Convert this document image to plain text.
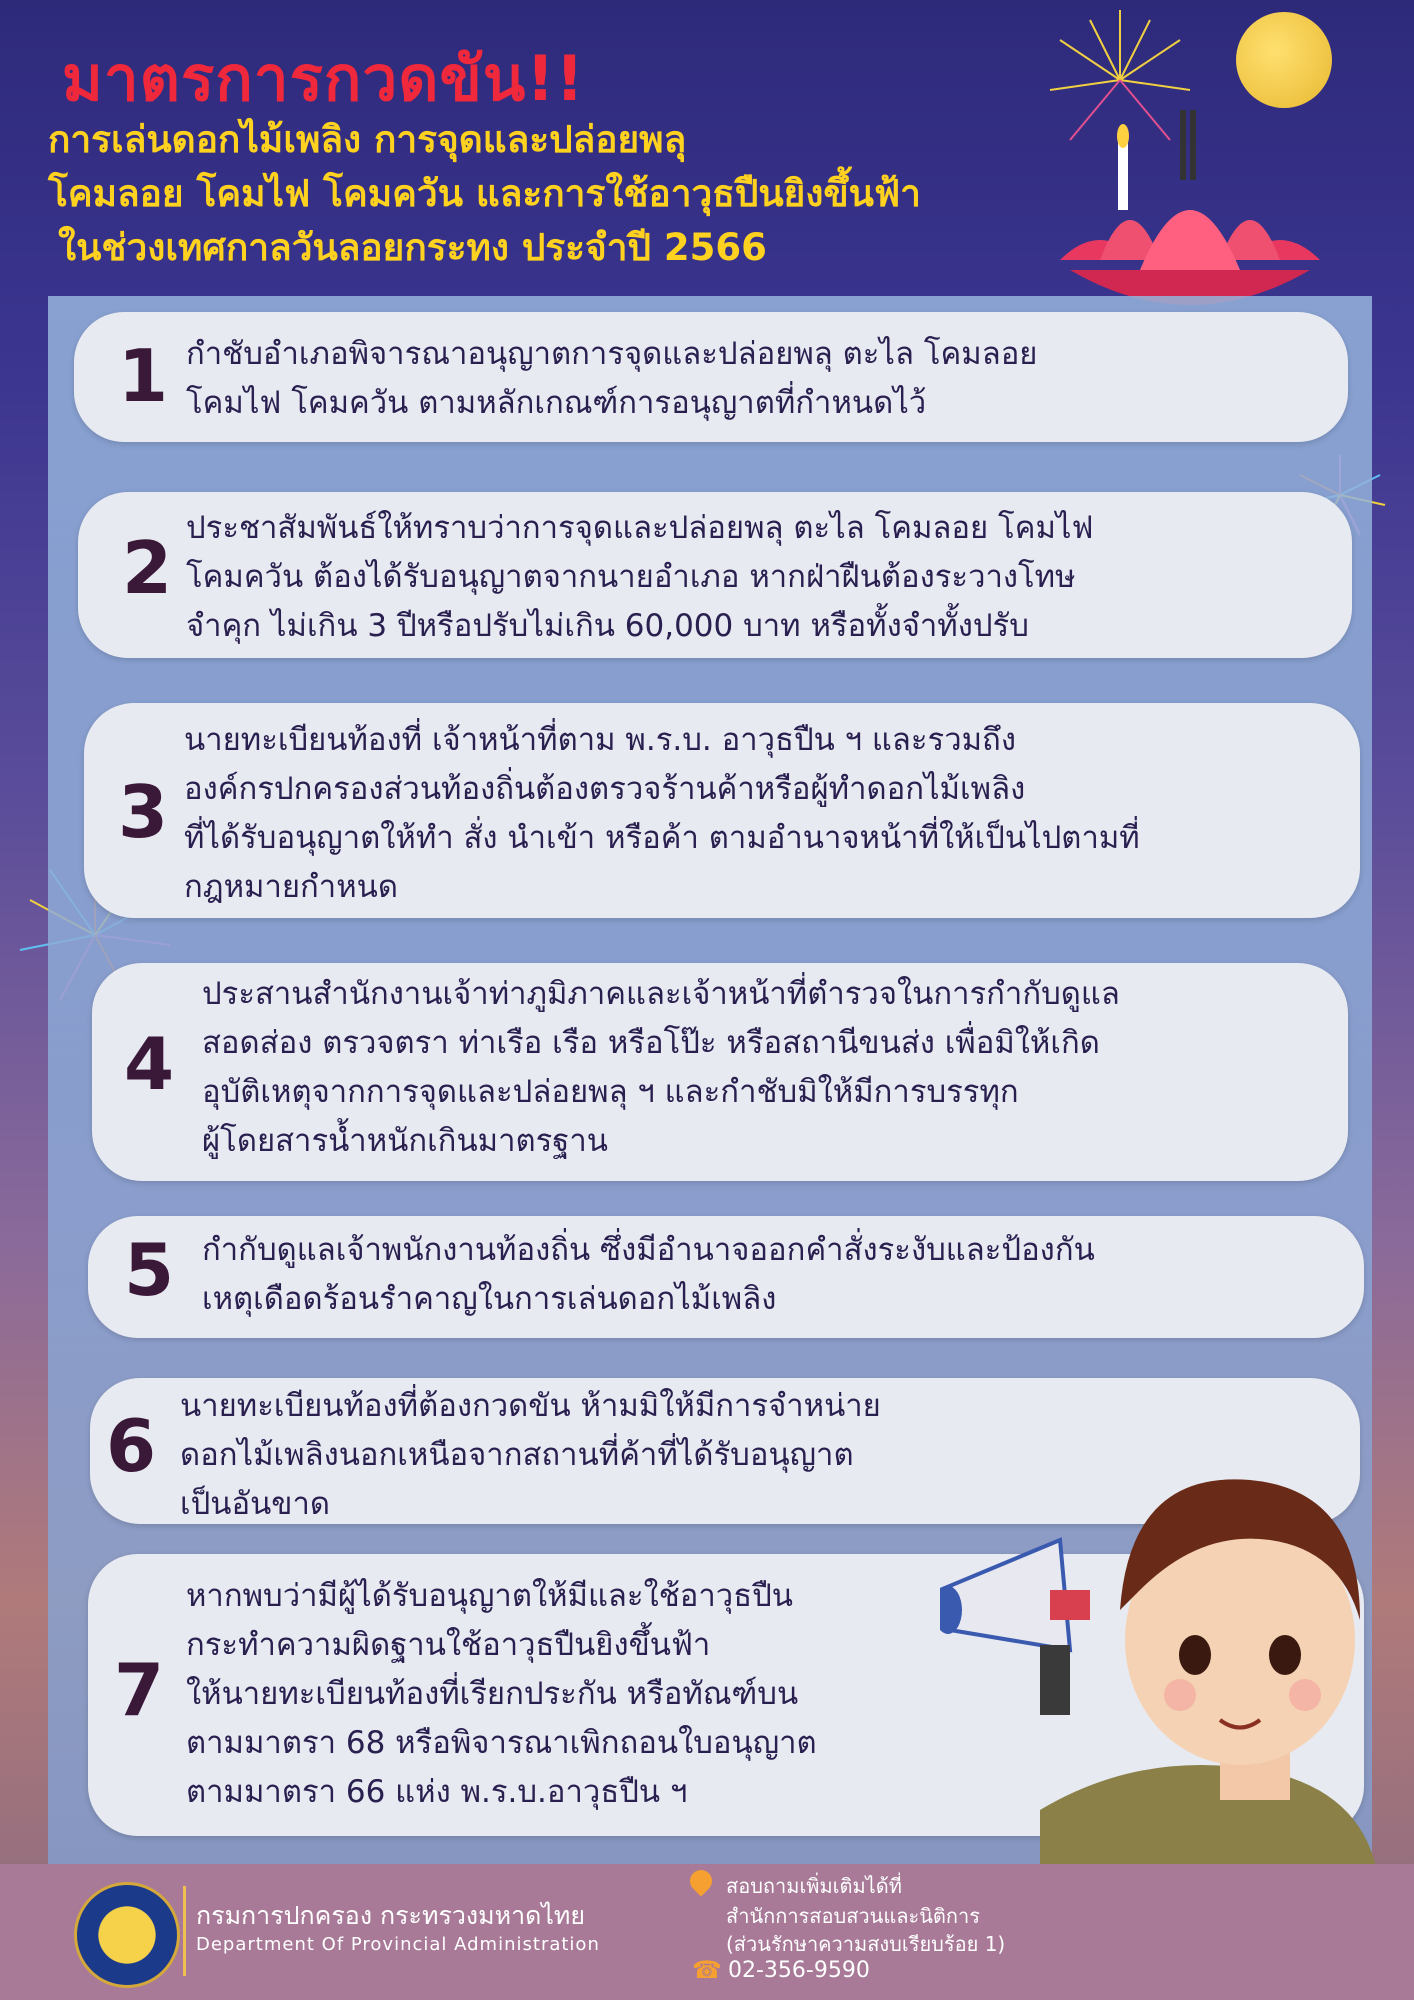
มาตรการกวดขัน!!
การเล่นดอกไม้เพลิง การจุดและปล่อยพลุ
โคมลอย โคมไฟ โคมควัน และการใช้อาวุธปืนยิงขึ้นฟ้า
ในช่วงเทศกาลวันลอยกระทง ประจำปี 2566
1 กำชับอำเภอพิจารณาอนุญาตการจุดและปล่อยพลุ ตะไล โคมลอย
โคมไฟ โคมควัน ตามหลักเกณฑ์การอนุญาตที่กำหนดไว้
2 ประชาสัมพันธ์ให้ทราบว่าการจุดและปล่อยพลุ ตะไล โคมลอย โคมไฟ
โคมควัน ต้องได้รับอนุญาตจากนายอำเภอ หากฝ่าฝืนต้องระวางโทษ
จำคุก ไม่เกิน 3 ปีหรือปรับไม่เกิน 60,000 บาท หรือทั้งจำทั้งปรับ
3
นายทะเบียนท้องที่ เจ้าหน้าที่ตาม พ.ร.บ. อาวุธปืน ฯ และรวมถึง
องค์กรปกครองส่วนท้องถิ่นต้องตรวจร้านค้าหรือผู้ทำดอกไม้เพลิง
ที่ได้รับอนุญาตให้ทำ สั่ง นำเข้า หรือค้า ตามอำนาจหน้าที่ให้เป็นไปตามที่
กฎหมายกำหนด
4
ประสานสำนักงานเจ้าท่าภูมิภาคและเจ้าหน้าที่ตำรวจในการกำกับดูแล
สอดส่อง ตรวจตรา ท่าเรือ เรือ หรือโป๊ะ หรือสถานีขนส่ง เพื่อมิให้เกิด
อุบัติเหตุจากการจุดและปล่อยพลุ ฯ และกำชับมิให้มีการบรรทุก
ผู้โดยสารน้ำหนักเกินมาตรฐาน
5 กำกับดูแลเจ้าพนักงานท้องถิ่น ซึ่งมีอำนาจออกคำสั่งระงับและป้องกัน
เหตุเดือดร้อนรำคาญในการเล่นดอกไม้เพลิง
6 นายทะเบียนท้องที่ต้องกวดขัน ห้ามมิให้มีการจำหน่าย
ดอกไม้เพลิงนอกเหนือจากสถานที่ค้าที่ได้รับอนุญาต
เป็นอันขาด
7
หากพบว่ามีผู้ได้รับอนุญาตให้มีและใช้อาวุธปืน
กระทำความผิดฐานใช้อาวุธปืนยิงขึ้นฟ้า
ให้นายทะเบียนท้องที่เรียกประกัน หรือทัณฑ์บน
ตามมาตรา 68 หรือพิจารณาเพิกถอนใบอนุญาต
ตามมาตรา 66 แห่ง พ.ร.บ.อาวุธปืน ฯ
กรมการปกครอง กระทรวงมหาดไทย
Department Of Provincial Administration
สอบถามเพิ่มเติมได้ที่
สำนักการสอบสวนและนิติการ
(ส่วนรักษาความสงบเรียบร้อย 1)
☎ 02-356-9590
